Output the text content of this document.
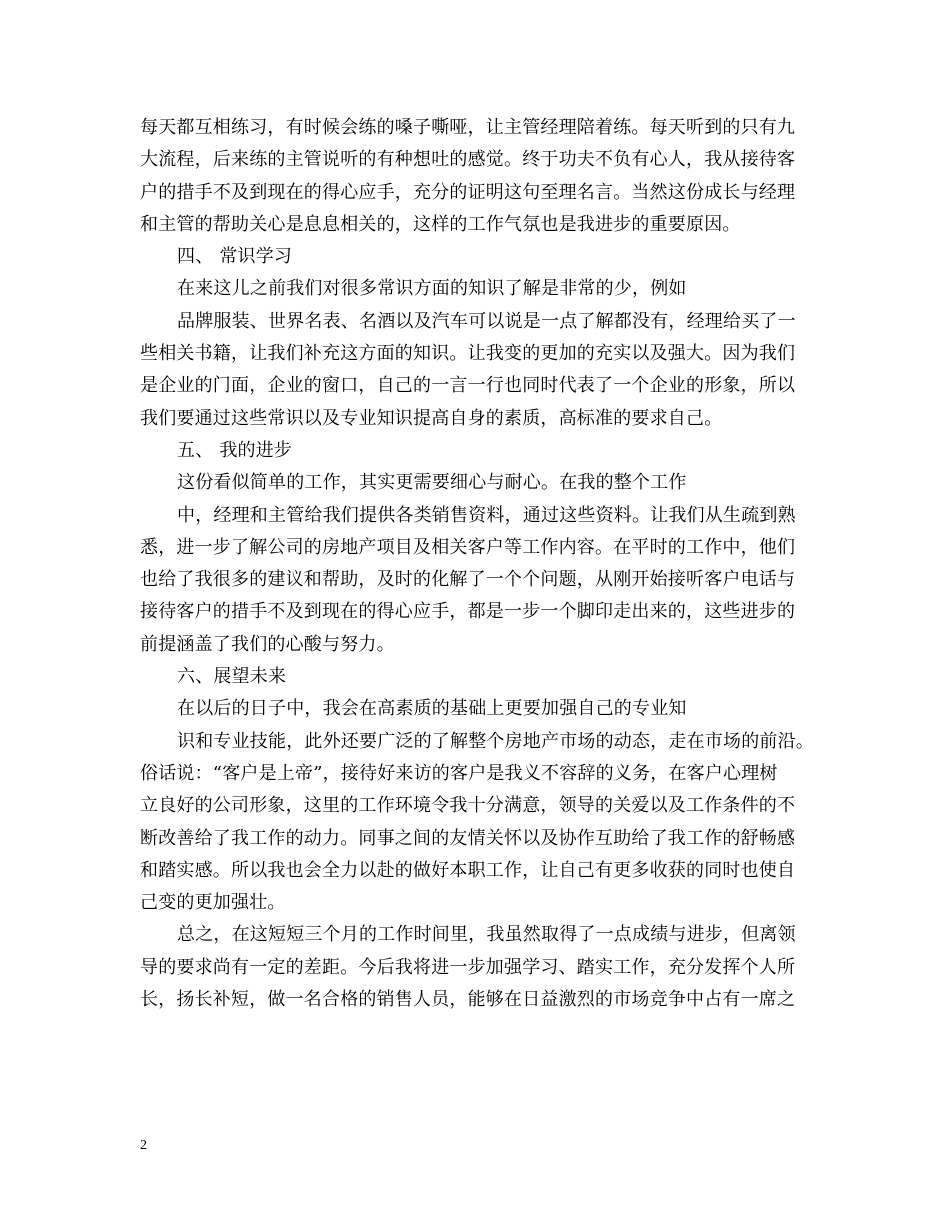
每天都互相练习，有时候会练的嗓子嘶哑，让主管经理陪着练。每天听到的只有九
大流程，后来练的主管说听的有种想吐的感觉。终于功夫不负有心人，我从接待客
户的措手不及到现在的得心应手，充分的证明这句至理名言。当然这份成长与经理
和主管的帮助关心是息息相关的，这样的工作气氛也是我进步的重要原因。
四、 常识学习
在来这儿之前我们对很多常识方面的知识了解是非常的少，例如
品牌服装、世界名表、名酒以及汽车可以说是一点了解都没有，经理给买了一
些相关书籍，让我们补充这方面的知识。让我变的更加的充实以及强大。因为我们
是企业的门面，企业的窗口，自己的一言一行也同时代表了一个企业的形象，所以
我们要通过这些常识以及专业知识提高自身的素质，高标准的要求自己。
五、 我的进步
这份看似简单的工作，其实更需要细心与耐心。在我的整个工作
中，经理和主管给我们提供各类销售资料，通过这些资料。让我们从生疏到熟
悉，进一步了解公司的房地产项目及相关客户等工作内容。在平时的工作中，他们
也给了我很多的建议和帮助，及时的化解了一个个问题，从刚开始接听客户电话与
接待客户的措手不及到现在的得心应手，都是一步一个脚印走出来的，这些进步的
前提涵盖了我们的心酸与努力。
六、展望未来
在以后的日子中，我会在高素质的基础上更要加强自己的专业知
识和专业技能，此外还要广泛的了解整个房地产市场的动态，走在市场的前沿。
俗话说：“客户是上帝”，接待好来访的客户是我义不容辞的义务，在客户心理树
立良好的公司形象，这里的工作环境令我十分满意，领导的关爱以及工作条件的不
断改善给了我工作的动力。同事之间的友情关怀以及协作互助给了我工作的舒畅感
和踏实感。所以我也会全力以赴的做好本职工作，让自己有更多收获的同时也使自
己变的更加强壮。
总之，在这短短三个月的工作时间里，我虽然取得了一点成绩与进步，但离领
导的要求尚有一定的差距。今后我将进一步加强学习、踏实工作，充分发挥个人所
长，扬长补短，做一名合格的销售人员，能够在日益激烈的市场竞争中占有一席之
2
